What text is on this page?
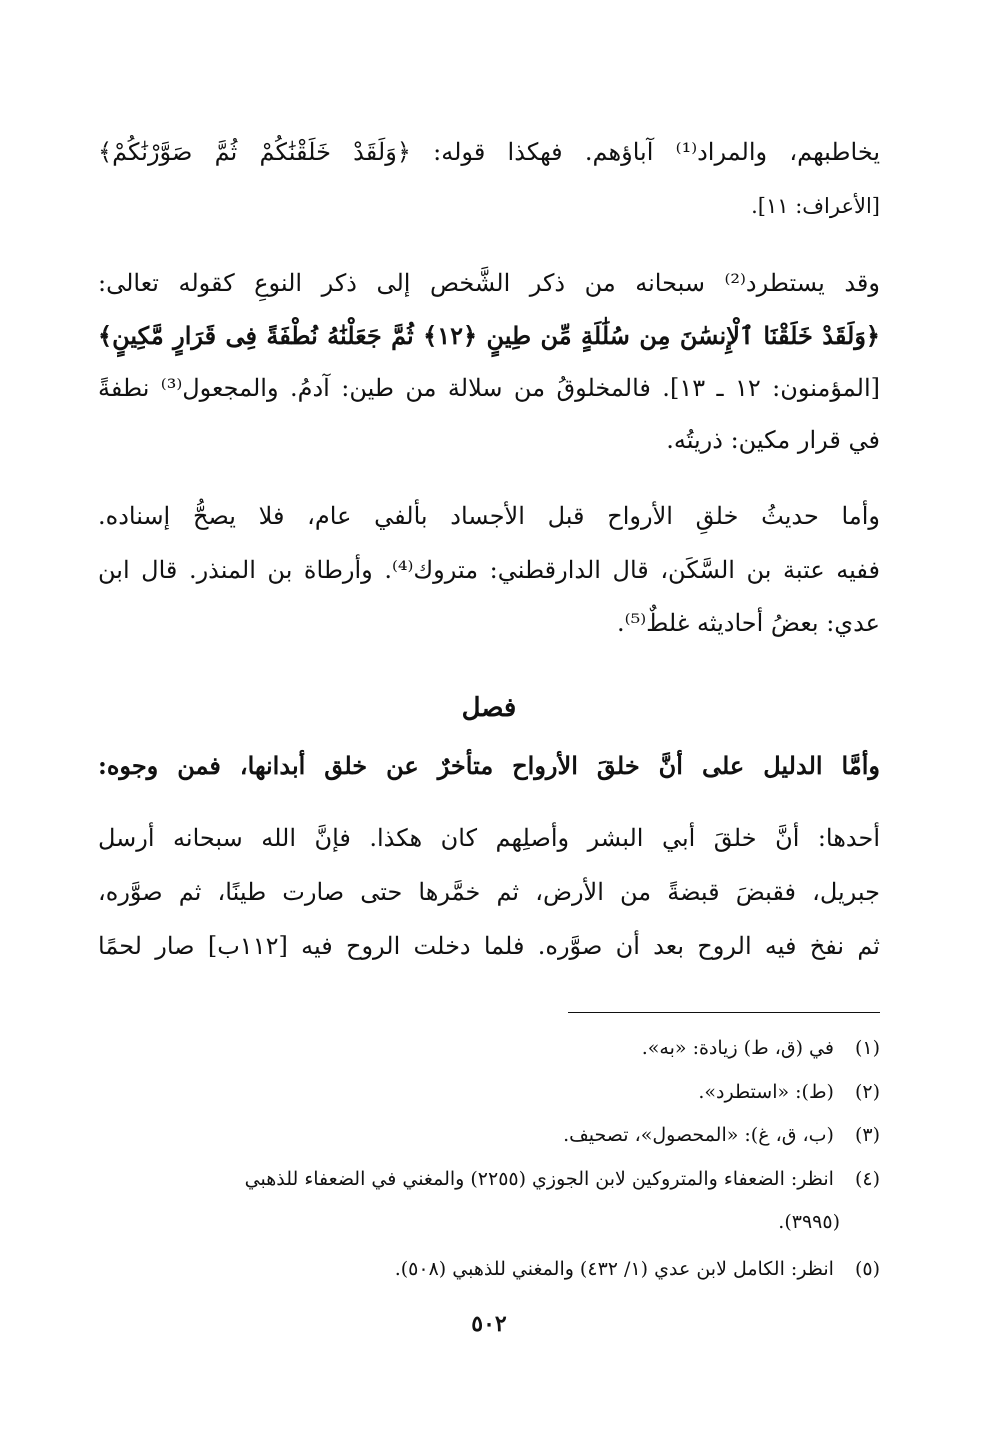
يخاطبهم، والمراد⁽¹⁾ آباؤهم. فهكذا قوله: ﴿وَلَقَدْ خَلَقْنَٰكُمْ ثُمَّ صَوَّرْنَٰكُمْ﴾
[الأعراف: ١١].
وقد يستطرد⁽²⁾ سبحانه من ذكر الشَّخص إلى ذكر النوعِ كقوله تعالى:
﴿وَلَقَدْ خَلَقْنَا ٱلْإِنسَٰنَ مِن سُلَٰلَةٍ مِّن طِينٍ ﴿١٢﴾ ثُمَّ جَعَلْنَٰهُ نُطْفَةً فِى قَرَارٍ مَّكِينٍ﴾
[المؤمنون: ١٢ ـ ١٣]. فالمخلوقُ من سلالة من طين: آدمُ. والمجعول⁽³⁾ نطفةً
في قرار مكين: ذريتُه.
وأما حديثُ خلقِ الأرواح قبل الأجساد بألفي عام، فلا يصحُّ إسناده.
ففيه عتبة بن السَّكَن، قال الدارقطني: متروك⁽⁴⁾. وأرطاة بن المنذر. قال ابن
عدي: بعضُ أحاديثه غلطٌ⁽⁵⁾.
فصل
وأمَّا الدليل على أنَّ خلقَ الأرواح متأخرٌ عن خلق أبدانها، فمن وجوه:
أحدها: أنَّ خلقَ أبي البشر وأصلِهم كان هكذا. فإنَّ الله سبحانه أرسل
جبريل، فقبضَ قبضةً من الأرض، ثم خمَّرها حتى صارت طينًا، ثم صوَّره،
ثم نفخ فيه الروح بعد أن صوَّره. فلما دخلت الروح فيه [١١٢ب] صار لحمًا
(١) في (ق، ط) زيادة: «به».
(٢) (ط): «استطرد».
(٣) (ب، ق، غ): «المحصول»، تصحيف.
(٤) انظر: الضعفاء والمتروكين لابن الجوزي (٢٢٥٥) والمغني في الضعفاء للذهبي
(٣٩٩٥).
(٥) انظر: الكامل لابن عدي (١/ ٤٣٢) والمغني للذهبي (٥٠٨).
٥٠٢
